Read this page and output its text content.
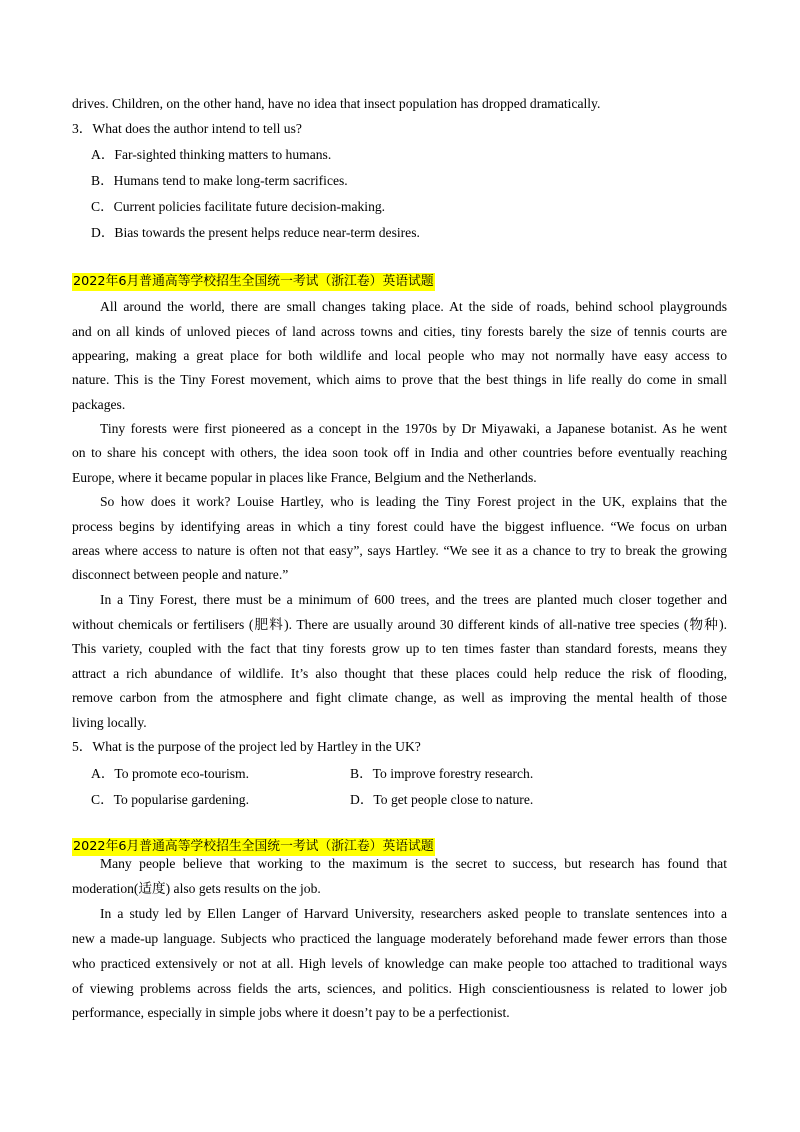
drives. Children, on the other hand, have no idea that insect population has dropped dramatically.
3．What does the author intend to tell us?
A．Far-sighted thinking matters to humans.
B．Humans tend to make long-term sacrifices.
C．Current policies facilitate future decision-making.
D．Bias towards the present helps reduce near-term desires.
2022年6月普通高等学校招生全国统一考试（浙江卷）英语试题
All around the world, there are small changes taking place. At the side of roads, behind school playgrounds
and on all kinds of unloved pieces of land across towns and cities, tiny forests barely the size of tennis courts are
appearing, making a great place for both wildlife and local people who may not normally have easy access to
nature. This is the Tiny Forest movement, which aims to prove that the best things in life really do come in small
packages.
Tiny forests were first pioneered as a concept in the 1970s by Dr Miyawaki, a Japanese botanist. As he went
on to share his concept with others, the idea soon took off in India and other countries before eventually reaching
Europe, where it became popular in places like France, Belgium and the Netherlands.
So how does it work? Louise Hartley, who is leading the Tiny Forest project in the UK, explains that the
process begins by identifying areas in which a tiny forest could have the biggest influence. “We focus on urban
areas where access to nature is often not that easy”, says Hartley. “We see it as a chance to try to break the growing
disconnect between people and nature.”
In a Tiny Forest, there must be a minimum of 600 trees, and the trees are planted much closer together and
without chemicals or fertilisers (肥料). There are usually around 30 different kinds of all-native tree species (物种).
This variety, coupled with the fact that tiny forests grow up to ten times faster than standard forests, means they
attract a rich abundance of wildlife. It’s also thought that these places could help reduce the risk of flooding,
remove carbon from the atmosphere and fight climate change, as well as improving the mental health of those
living locally.
5．What is the purpose of the project led by Hartley in the UK?
A．To promote eco-tourism.	B．To improve forestry research.
C．To popularise gardening.	D．To get people close to nature.
2022年6月普通高等学校招生全国统一考试（浙江卷）英语试题
Many people believe that working to the maximum is the secret to success, but research has found that
moderation(适度) also gets results on the job.
In a study led by Ellen Langer of Harvard University, researchers asked people to translate sentences into a
new a made-up language. Subjects who practiced the language moderately beforehand made fewer errors than those
who practiced extensively or not at all. High levels of knowledge can make people too attached to traditional ways
of viewing problems across fields the arts, sciences, and politics. High conscientiousness is related to lower job
performance, especially in simple jobs where it doesn’t pay to be a perfectionist.
